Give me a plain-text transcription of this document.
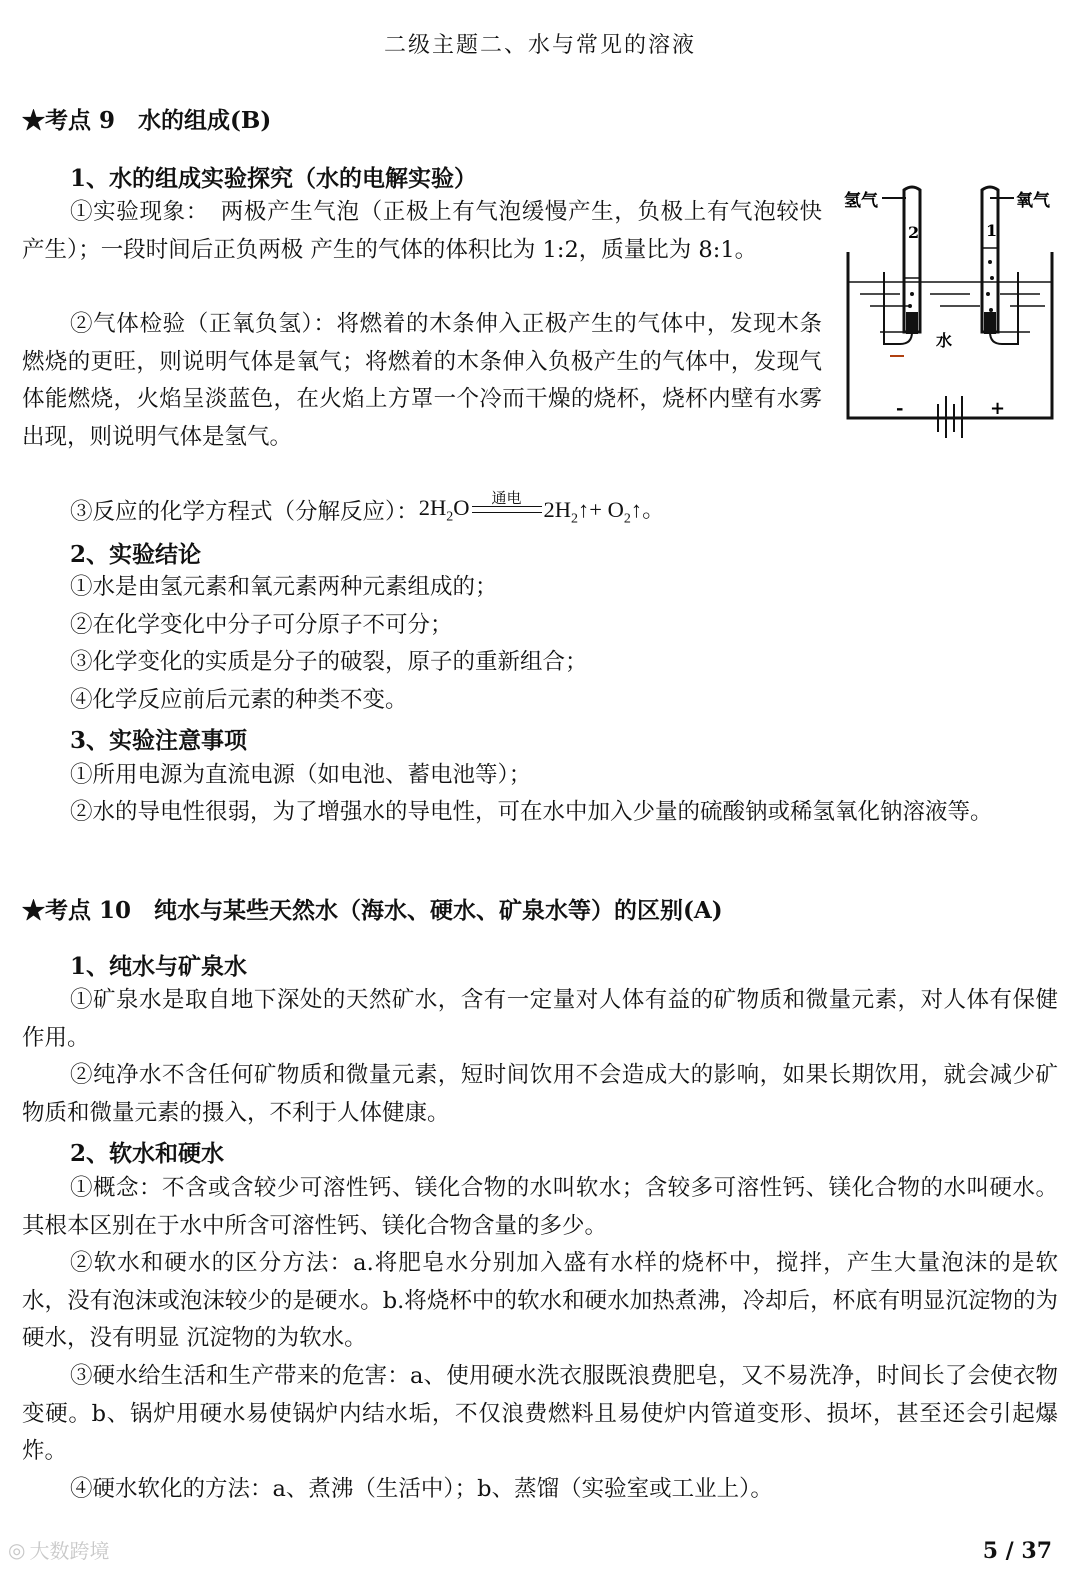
二级主题二、水与常见的溶液
★考点 9　水的组成(B)
1、水的组成实验探究（水的电解实验）
①实验现象：　两极产生气泡（正极上有气泡缓慢产生，负极上有气泡较快产生）；一段时间后正负两极 产生的气体的体积比为 1:2，质量比为 8:1。
②气体检验（正氧负氢）：将燃着的木条伸入正极产生的气体中，发现木条燃烧的更旺，则说明气体是氧气；将燃着的木条伸入负极产生的气体中，发现气体能燃烧，火焰呈淡蓝色，在火焰上方罩一个冷而干燥的烧杯，烧杯内壁有水雾出现，则说明气体是氢气。
③反应的化学方程式（分解反应）： $2H_2O$ 通电 $2H_2↑+$ $O_2↑$。
氢气	氧气
2	1
水
-	+
2、实验结论
①水是由氢元素和氧元素两种元素组成的；
②在化学变化中分子可分原子不可分；
③化学变化的实质是分子的破裂，原子的重新组合；
④化学反应前后元素的种类不变。
3、实验注意事项
①所用电源为直流电源（如电池、蓄电池等）；
②水的导电性很弱，为了增强水的导电性，可在水中加入少量的硫酸钠或稀氢氧化钠溶液等。
★考点 10　纯水与某些天然水（海水、硬水、矿泉水等）的区别(A)
1、纯水与矿泉水
①矿泉水是取自地下深处的天然矿水，含有一定量对人体有益的矿物质和微量元素，对人体有保健作用。
②纯净水不含任何矿物质和微量元素，短时间饮用不会造成大的影响，如果长期饮用，就会减少矿物质和微量元素的摄入，不利于人体健康。
2、软水和硬水
①概念：不含或含较少可溶性钙、镁化合物的水叫软水；含较多可溶性钙、镁化合物的水叫硬水。其根本区别在于水中所含可溶性钙、镁化合物含量的多少。
②软水和硬水的区分方法：a.将肥皂水分别加入盛有水样的烧杯中，搅拌，产生大量泡沫的是软水，没有泡沫或泡沫较少的是硬水。b.将烧杯中的软水和硬水加热煮沸，冷却后，杯底有明显沉淀物的为硬水，没有明显 沉淀物的为软水。
③硬水给生活和生产带来的危害：a、使用硬水洗衣服既浪费肥皂，又不易洗净，时间长了会使衣物变硬。b、锅炉用硬水易使锅炉内结水垢，不仅浪费燃料且易使炉内管道变形、损坏，甚至还会引起爆炸。
④硬水软化的方法：a、煮沸（生活中）；b、蒸馏（实验室或工业上）。
◎ 大数跨境	5 / 37
